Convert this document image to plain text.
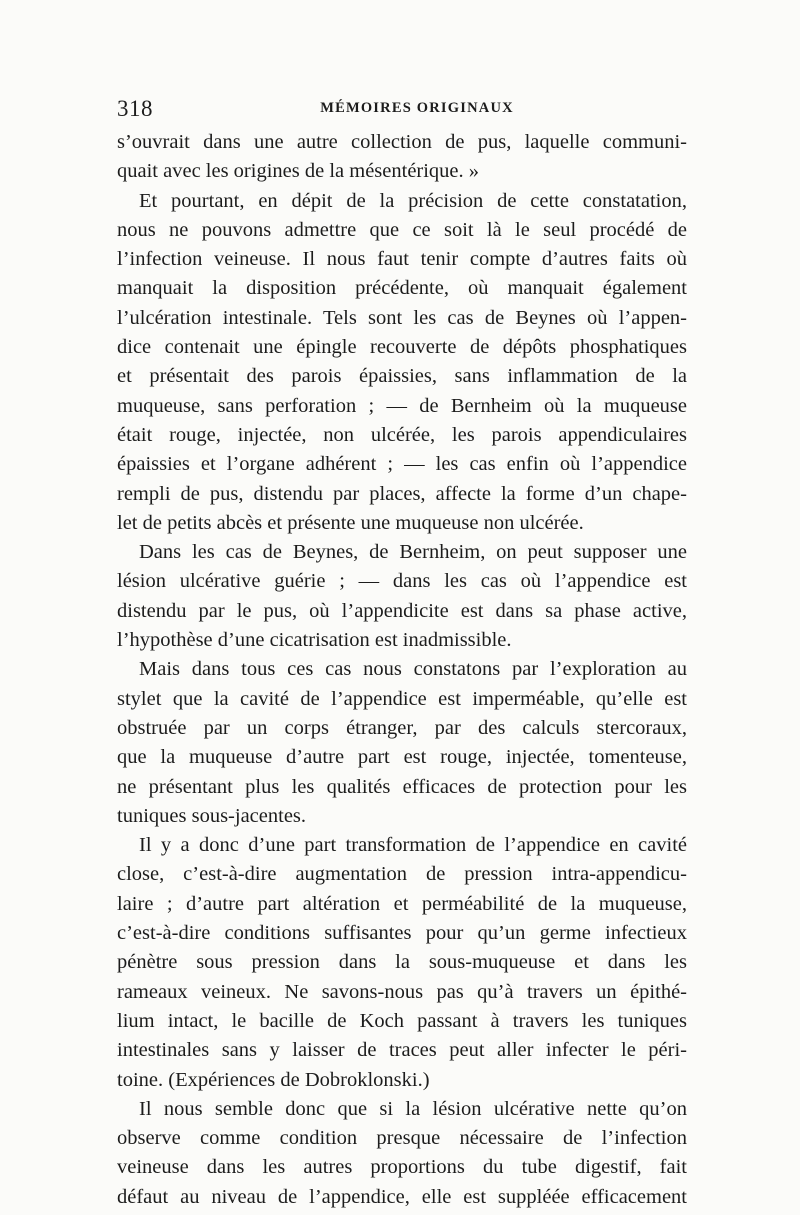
318	MÉMOIRES ORIGINAUX
s’ouvrait dans une autre collection de pus, laquelle communi-
quait avec les origines de la mésentérique. »
Et pourtant, en dépit de la précision de cette constatation,
nous ne pouvons admettre que ce soit là le seul procédé de
l’infection veineuse. Il nous faut tenir compte d’autres faits où
manquait la disposition précédente, où manquait également
l’ulcération intestinale. Tels sont les cas de Beynes où l’appen-
dice contenait une épingle recouverte de dépôts phosphatiques
et présentait des parois épaissies, sans inflammation de la
muqueuse, sans perforation ; — de Bernheim où la muqueuse
était rouge, injectée, non ulcérée, les parois appendiculaires
épaissies et l’organe adhérent ; — les cas enfin où l’appendice
rempli de pus, distendu par places, affecte la forme d’un chape-
let de petits abcès et présente une muqueuse non ulcérée.
Dans les cas de Beynes, de Bernheim, on peut supposer une
lésion ulcérative guérie ; — dans les cas où l’appendice est
distendu par le pus, où l’appendicite est dans sa phase active,
l’hypothèse d’une cicatrisation est inadmissible.
Mais dans tous ces cas nous constatons par l’exploration au
stylet que la cavité de l’appendice est imperméable, qu’elle est
obstruée par un corps étranger, par des calculs stercoraux,
que la muqueuse d’autre part est rouge, injectée, tomenteuse,
ne présentant plus les qualités efficaces de protection pour les
tuniques sous-jacentes.
Il y a donc d’une part transformation de l’appendice en cavité
close, c’est-à-dire augmentation de pression intra-appendicu-
laire ; d’autre part altération et perméabilité de la muqueuse,
c’est-à-dire conditions suffisantes pour qu’un germe infectieux
pénètre sous pression dans la sous-muqueuse et dans les
rameaux veineux. Ne savons-nous pas qu’à travers un épithé-
lium intact, le bacille de Koch passant à travers les tuniques
intestinales sans y laisser de traces peut aller infecter le péri-
toine. (Expériences de Dobroklonski.)
Il nous semble donc que si la lésion ulcérative nette qu’on
observe comme condition presque nécessaire de l’infection
veineuse dans les autres proportions du tube digestif, fait
défaut au niveau de l’appendice, elle est suppléée efficacement
